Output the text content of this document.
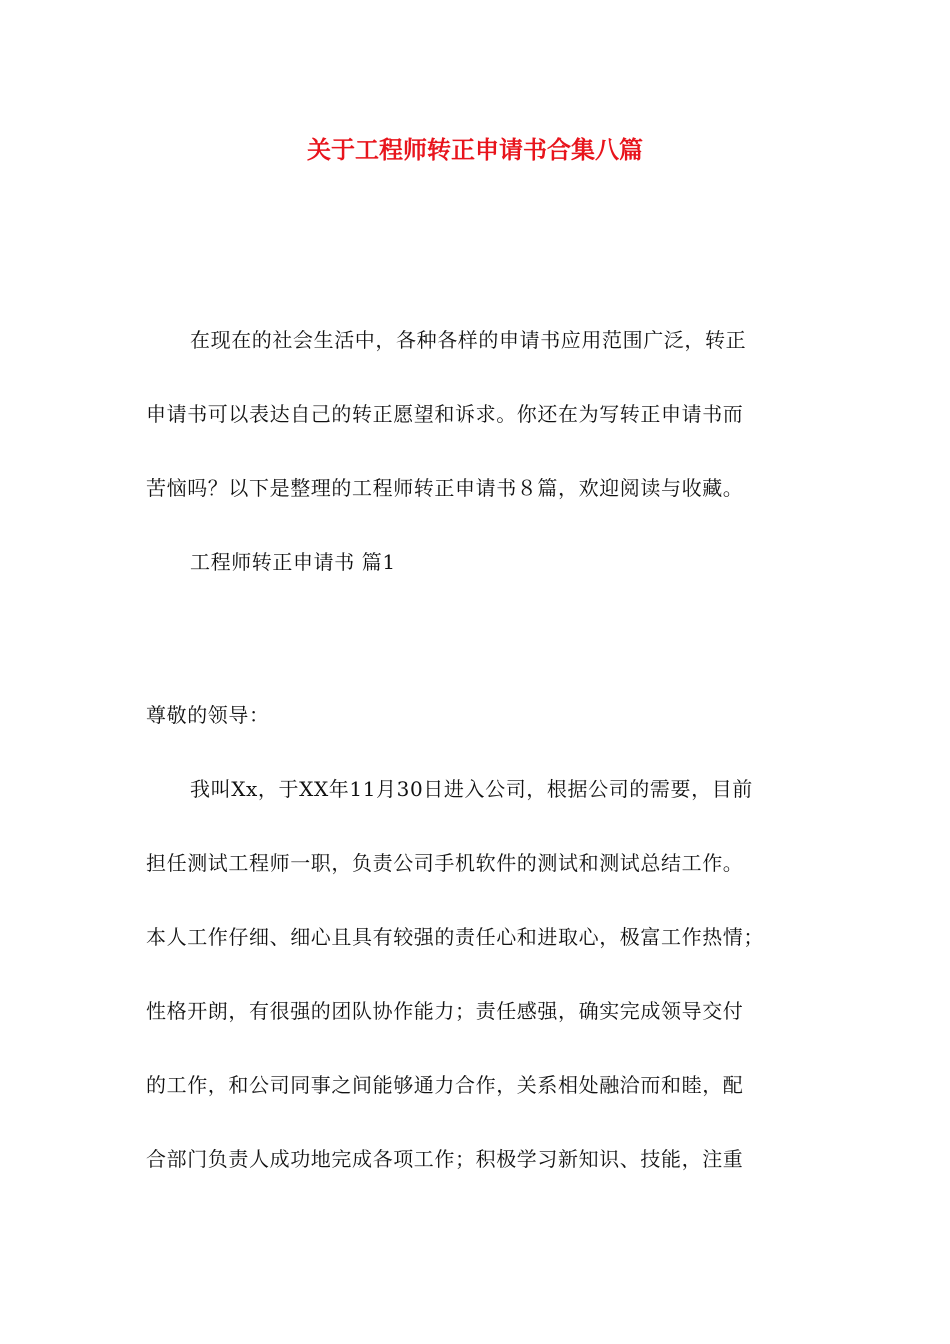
关于工程师转正申请书合集八篇
在现在的社会生活中，各种各样的申请书应用范围广泛，转正
申请书可以表达自己的转正愿望和诉求。你还在为写转正申请书而
苦恼吗？以下是整理的工程师转正申请书８篇，欢迎阅读与收藏。
工程师转正申请书 篇1
尊敬的领导：
我叫Xx，于XX年11月30日进入公司，根据公司的需要，目前
担任测试工程师一职，负责公司手机软件的测试和测试总结工作。
本人工作仔细、细心且具有较强的责任心和进取心，极富工作热情；
性格开朗，有很强的团队协作能力；责任感强，确实完成领导交付
的工作，和公司同事之间能够通力合作，关系相处融洽而和睦，配
合部门负责人成功地完成各项工作；积极学习新知识、技能，注重
